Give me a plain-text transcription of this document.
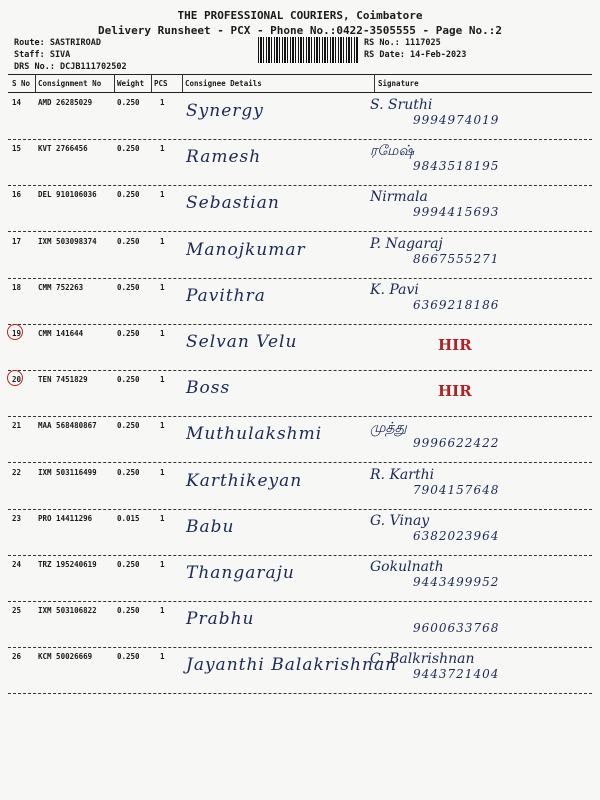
THE PROFESSIONAL COURIERS, Coimbatore
Delivery Runsheet - PCX - Phone No.:0422-3505555 - Page No.:2
Route: SASTRIROAD
Staff: SIVA
DRS No.: DCJB111702502
RS No.: 1117025
RS Date: 14-Feb-2023
S No Consignment No Weight PCS Consignee Details	Signature
14 AMD 26285029	0.250	1 Synergy	S. Sruthi
9994974019
15 KVT 2766456	0.250	1 Ramesh	ரமேஷ்
9843518195
16 DEL 910106036	0.250	1 Sebastian	Nirmala
9994415693
17 IXM 503098374	0.250	1 Manojkumar	P. Nagaraj
8667555271
18 CMM 752263	0.250	1 Pavithra	K. Pavi
6369218186
19 CMM 141644	0.250	1 Selvan Velu	HIR
20 TEN 7451829	0.250	1 Boss	HIR
21 MAA 568480867	0.250	1 Muthulakshmi	முத்து
9996622422
22 IXM 503116499	0.250	1 Karthikeyan	R. Karthi
7904157648
23 PRO 14411296	0.015	1 Babu	G. Vinay
6382023964
24 TRZ 195240619	0.250	1 Thangaraju	Gokulnath
9443499952
25 IXM 503106822	0.250	1 Prabhu	9600633768
26 KCM 50026669	0.250	1 Jayanthi Balakrishnan
C. Balkrishnan
9443721404
